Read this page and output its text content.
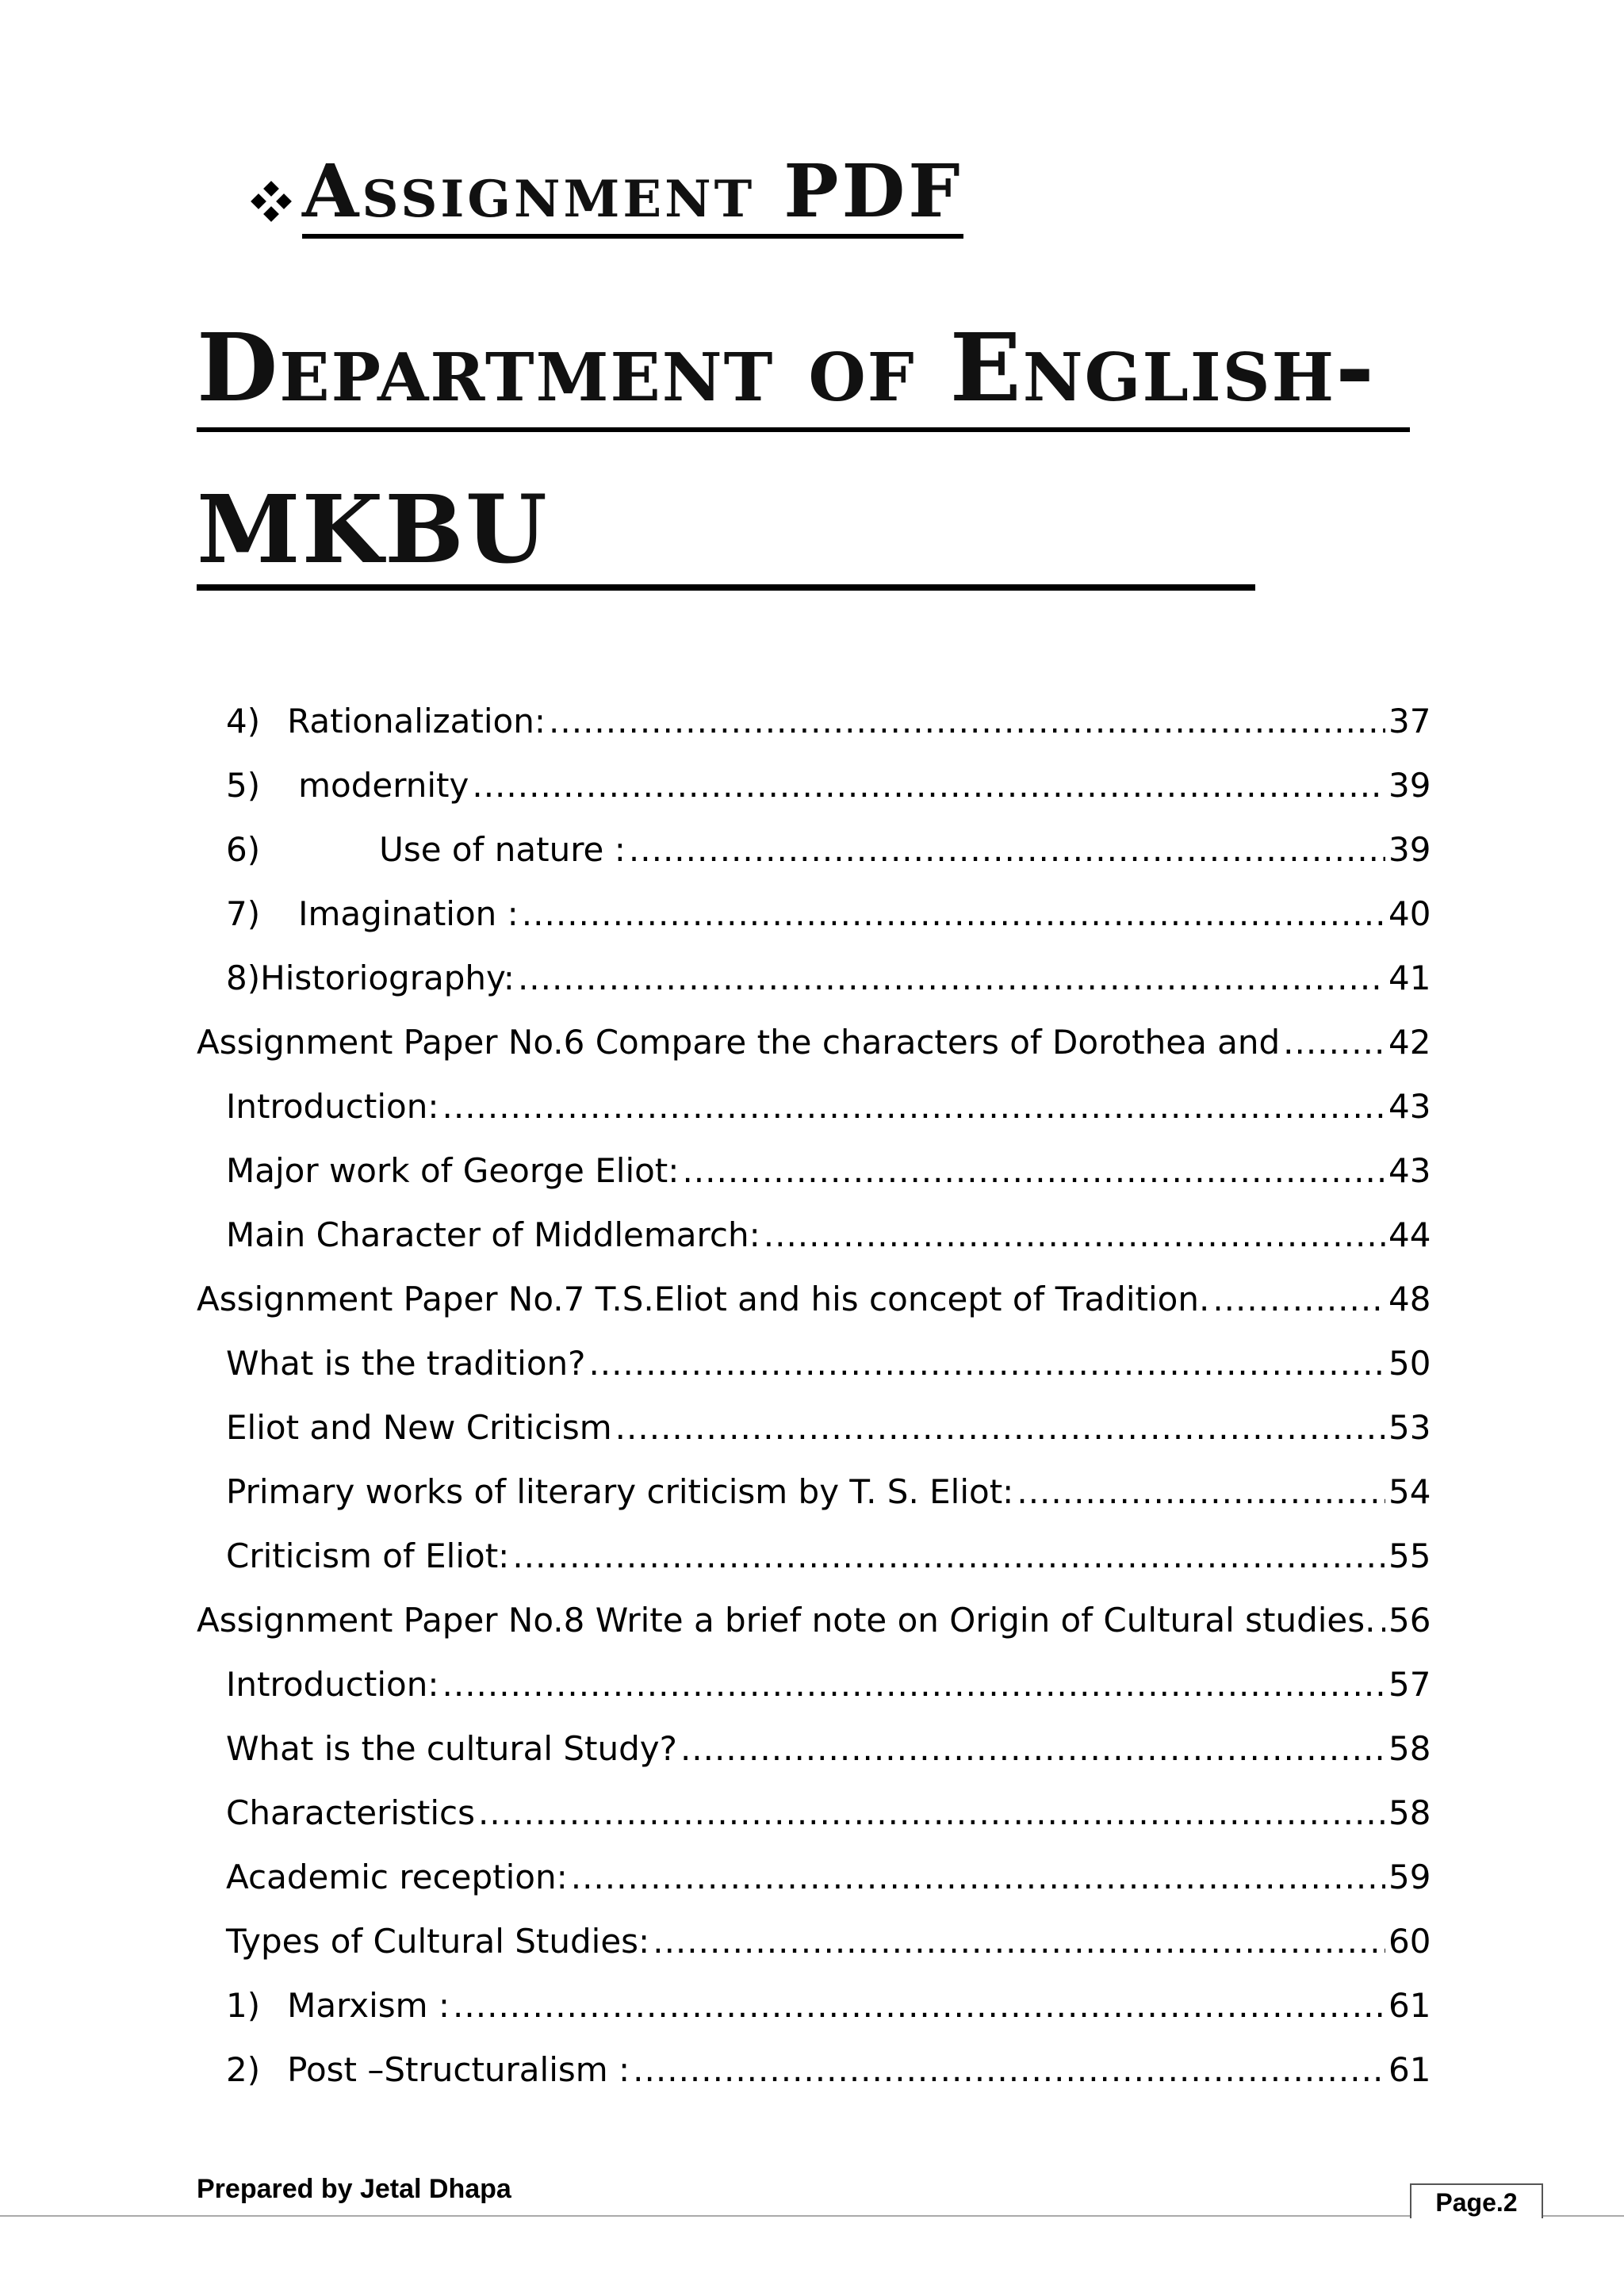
Assignment PDF
Department of English-
MKBU
4) Rationalization: .....	37
5) modernity .....	39
6)	Use of nature : .....	39
7) Imagination : .....	40
8)Historiography: .....	41
Assignment Paper No.6 Compare the characters of Dorothea and .....	42
Introduction: .....	43
Major work of George Eliot: .....	43
Main Character of Middlemarch: .....	44
Assignment Paper No.7 T.S.Eliot and his concept of Tradition. .....	48
What is the tradition? .....	50
Eliot and New Criticism .....	53
Primary works of literary criticism by T. S. Eliot: .....	54
Criticism of Eliot: .....	55
Assignment Paper No.8 Write a brief note on Origin of Cultural studies. ..... 56
Introduction: .....	57
What is the cultural Study? .....	58
Characteristics .....	58
Academic reception: .....	59
Types of Cultural Studies: .....	60
1) Marxism : .....	61
2) Post –Structuralism : .....	61
Prepared by Jetal Dhapa	Page.2
